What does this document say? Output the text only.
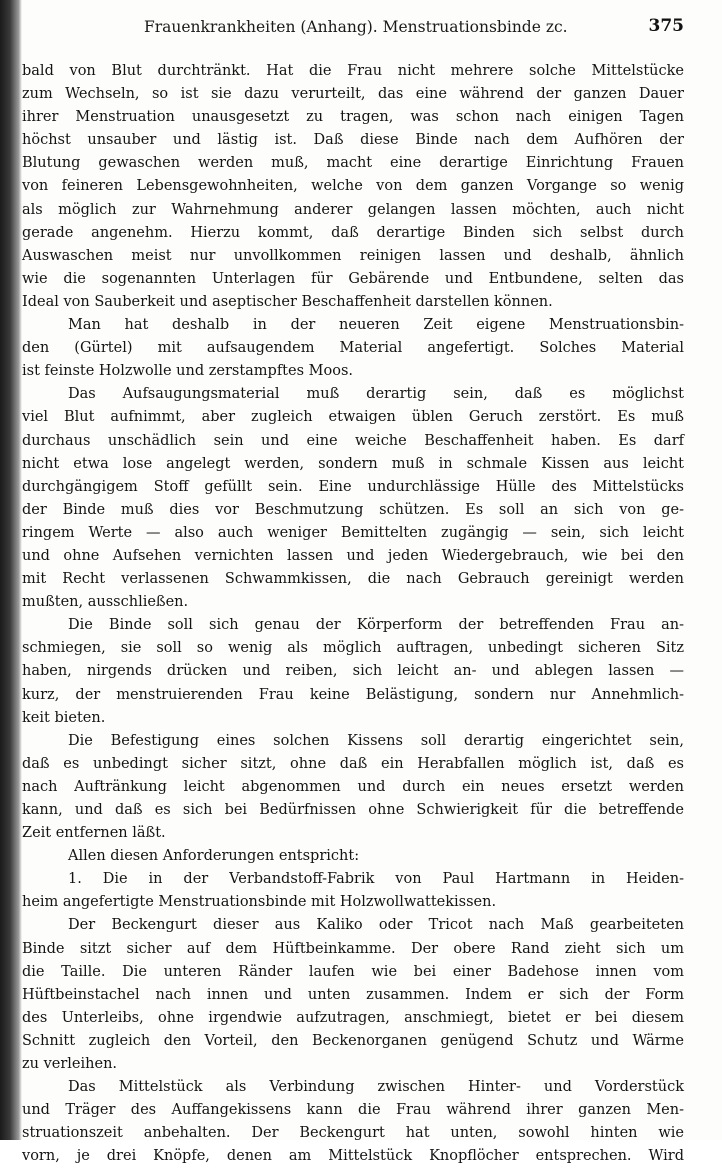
Frauenkrankheiten (Anhang). Menstruationsbinde zc.	375
bald von Blut durchtränkt. Hat die Frau nicht mehrere solche Mittelstücke
zum Wechseln, so ist sie dazu verurteilt, das eine während der ganzen Dauer
ihrer Menstruation unausgesetzt zu tragen, was schon nach einigen Tagen
höchst unsauber und lästig ist. Daß diese Binde nach dem Aufhören der
Blutung gewaschen werden muß, macht eine derartige Einrichtung Frauen
von feineren Lebensgewohnheiten, welche von dem ganzen Vorgange so wenig
als möglich zur Wahrnehmung anderer gelangen lassen möchten, auch nicht
gerade angenehm. Hierzu kommt, daß derartige Binden sich selbst durch
Auswaschen meist nur unvollkommen reinigen lassen und deshalb, ähnlich
wie die sogenannten Unterlagen für Gebärende und Entbundene, selten das
Ideal von Sauberkeit und aseptischer Beschaffenheit darstellen können.
Man hat deshalb in der neueren Zeit eigene Menstruationsbin-
den (Gürtel) mit aufsaugendem Material angefertigt. Solches Material
ist feinste Holzwolle und zerstampftes Moos.
Das Aufsaugungsmaterial muß derartig sein, daß es möglichst
viel Blut aufnimmt, aber zugleich etwaigen üblen Geruch zerstört. Es muß
durchaus unschädlich sein und eine weiche Beschaffenheit haben. Es darf
nicht etwa lose angelegt werden, sondern muß in schmale Kissen aus leicht
durchgängigem Stoff gefüllt sein. Eine undurchlässige Hülle des Mittelstücks
der Binde muß dies vor Beschmutzung schützen. Es soll an sich von ge-
ringem Werte — also auch weniger Bemittelten zugängig — sein, sich leicht
und ohne Aufsehen vernichten lassen und jeden Wiedergebrauch, wie bei den
mit Recht verlassenen Schwammkissen, die nach Gebrauch gereinigt werden
mußten, ausschließen.
Die Binde soll sich genau der Körperform der betreffenden Frau an-
schmiegen, sie soll so wenig als möglich auftragen, unbedingt sicheren Sitz
haben, nirgends drücken und reiben, sich leicht an- und ablegen lassen —
kurz, der menstruierenden Frau keine Belästigung, sondern nur Annehmlich-
keit bieten.
Die Befestigung eines solchen Kissens soll derartig eingerichtet sein,
daß es unbedingt sicher sitzt, ohne daß ein Herabfallen möglich ist, daß es
nach Auftränkung leicht abgenommen und durch ein neues ersetzt werden
kann, und daß es sich bei Bedürfnissen ohne Schwierigkeit für die betreffende
Zeit entfernen läßt.
Allen diesen Anforderungen entspricht:
1. Die in der Verbandstoff-Fabrik von Paul Hartmann in Heiden-
heim angefertigte Menstruationsbinde mit Holzwollwattekissen.
Der Beckengurt dieser aus Kaliko oder Tricot nach Maß gearbeiteten
Binde sitzt sicher auf dem Hüftbeinkamme. Der obere Rand zieht sich um
die Taille. Die unteren Ränder laufen wie bei einer Badehose innen vom
Hüftbeinstachel nach innen und unten zusammen. Indem er sich der Form
des Unterleibs, ohne irgendwie aufzutragen, anschmiegt, bietet er bei diesem
Schnitt zugleich den Vorteil, den Beckenorganen genügend Schutz und Wärme
zu verleihen.
Das Mittelstück als Verbindung zwischen Hinter- und Vorderstück
und Träger des Auffangekissens kann die Frau während ihrer ganzen Men-
struationszeit anbehalten. Der Beckengurt hat unten, sowohl hinten wie
vorn, je drei Knöpfe, denen am Mittelstück Knopflöcher entsprechen. Wird
